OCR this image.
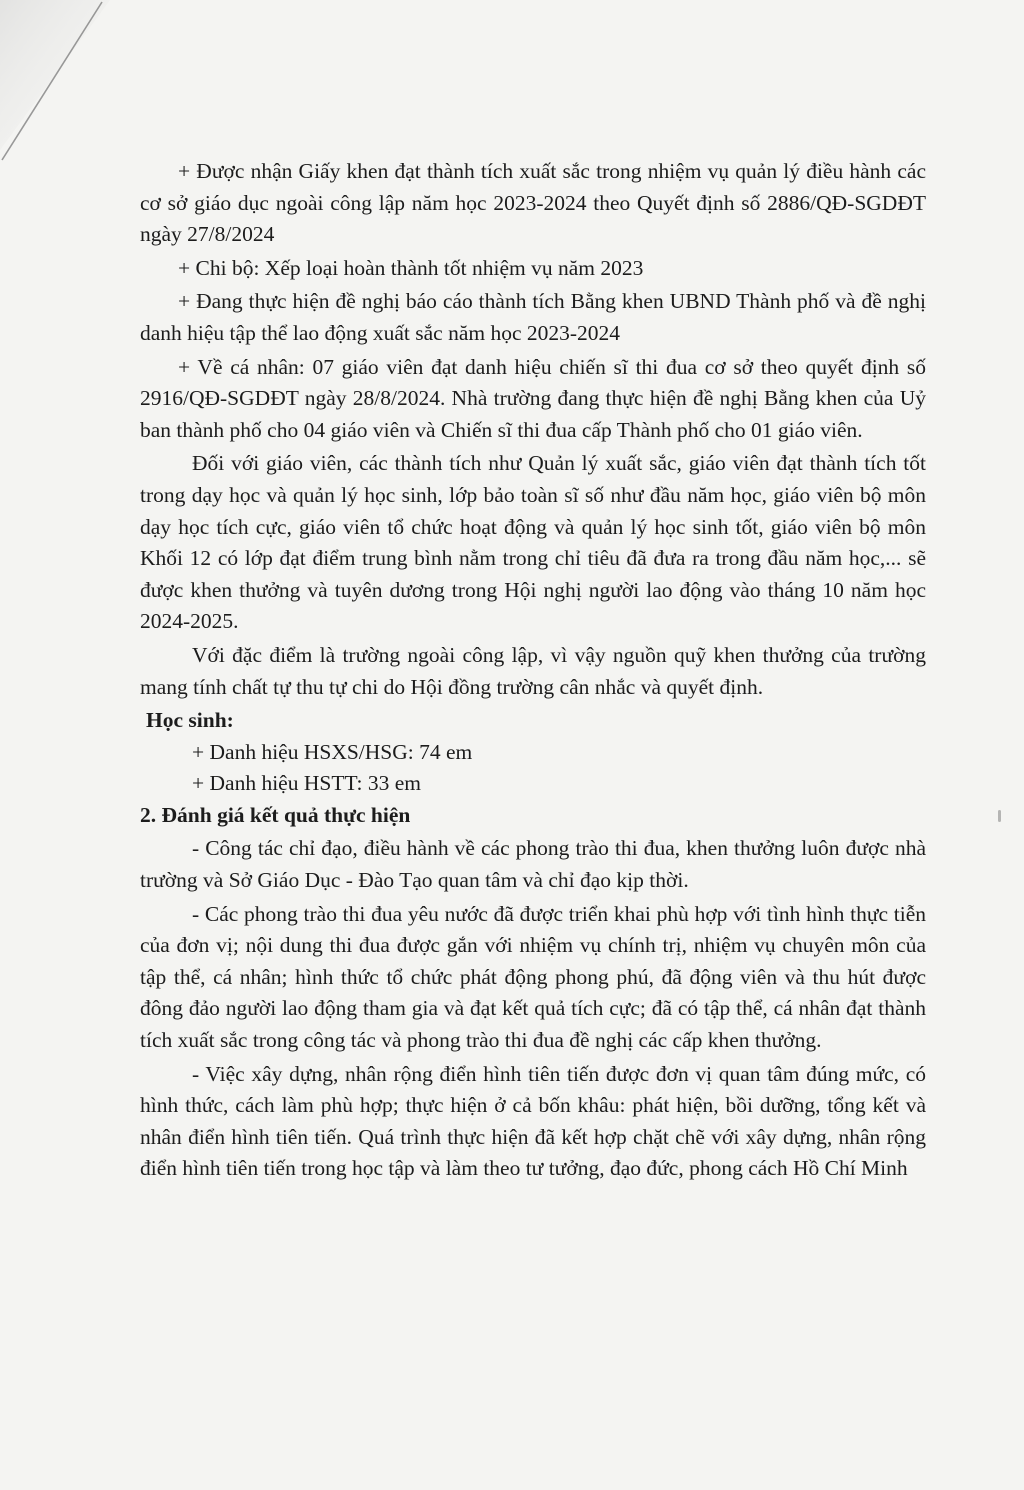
+ Được nhận Giấy khen đạt thành tích xuất sắc trong nhiệm vụ quản lý điều hành các cơ sở giáo dục ngoài công lập năm học 2023-2024 theo Quyết định số 2886/QĐ-SGDĐT ngày 27/8/2024

+ Chi bộ: Xếp loại hoàn thành tốt nhiệm vụ năm 2023

+ Đang thực hiện đề nghị báo cáo thành tích Bằng khen UBND Thành phố và đề nghị danh hiệu tập thể lao động xuất sắc năm học 2023-2024

+ Về cá nhân: 07 giáo viên đạt danh hiệu chiến sĩ thi đua cơ sở theo quyết định số 2916/QĐ-SGDĐT ngày 28/8/2024. Nhà trường đang thực hiện đề nghị Bằng khen của Uỷ ban thành phố cho 04 giáo viên và Chiến sĩ thi đua cấp Thành phố cho 01 giáo viên.

Đối với giáo viên, các thành tích như Quản lý xuất sắc, giáo viên đạt thành tích tốt trong dạy học và quản lý học sinh, lớp bảo toàn sĩ số như đầu năm học, giáo viên bộ môn dạy học tích cực, giáo viên tổ chức hoạt động và quản lý học sinh tốt, giáo viên bộ môn Khối 12 có lớp đạt điểm trung bình nằm trong chỉ tiêu đã đưa ra trong đầu năm học,... sẽ được khen thưởng và tuyên dương trong Hội nghị người lao động vào tháng 10 năm học 2024-2025.

Với đặc điểm là trường ngoài công lập, vì vậy nguồn quỹ khen thưởng của trường mang tính chất tự thu tự chi do Hội đồng trường cân nhắc và quyết định.

Học sinh:

+ Danh hiệu HSXS/HSG: 74 em

+ Danh hiệu HSTT: 33 em

2. Đánh giá kết quả thực hiện

- Công tác chỉ đạo, điều hành về các phong trào thi đua, khen thưởng luôn được nhà trường và Sở Giáo Dục - Đào Tạo quan tâm và chỉ đạo kịp thời.

- Các phong trào thi đua yêu nước đã được triển khai phù hợp với tình hình thực tiễn của đơn vị; nội dung thi đua được gắn với nhiệm vụ chính trị, nhiệm vụ chuyên môn của tập thể, cá nhân; hình thức tổ chức phát động phong phú, đã động viên và thu hút được đông đảo người lao động tham gia và đạt kết quả tích cực; đã có tập thể, cá nhân đạt thành tích xuất sắc trong công tác và phong trào thi đua đề nghị các cấp khen thưởng.

- Việc xây dựng, nhân rộng điển hình tiên tiến được đơn vị quan tâm đúng mức, có hình thức, cách làm phù hợp; thực hiện ở cả bốn khâu: phát hiện, bồi dưỡng, tổng kết và nhân điển hình tiên tiến. Quá trình thực hiện đã kết hợp chặt chẽ với xây dựng, nhân rộng điển hình tiên tiến trong học tập và làm theo tư tưởng, đạo đức, phong cách Hồ Chí Minh
